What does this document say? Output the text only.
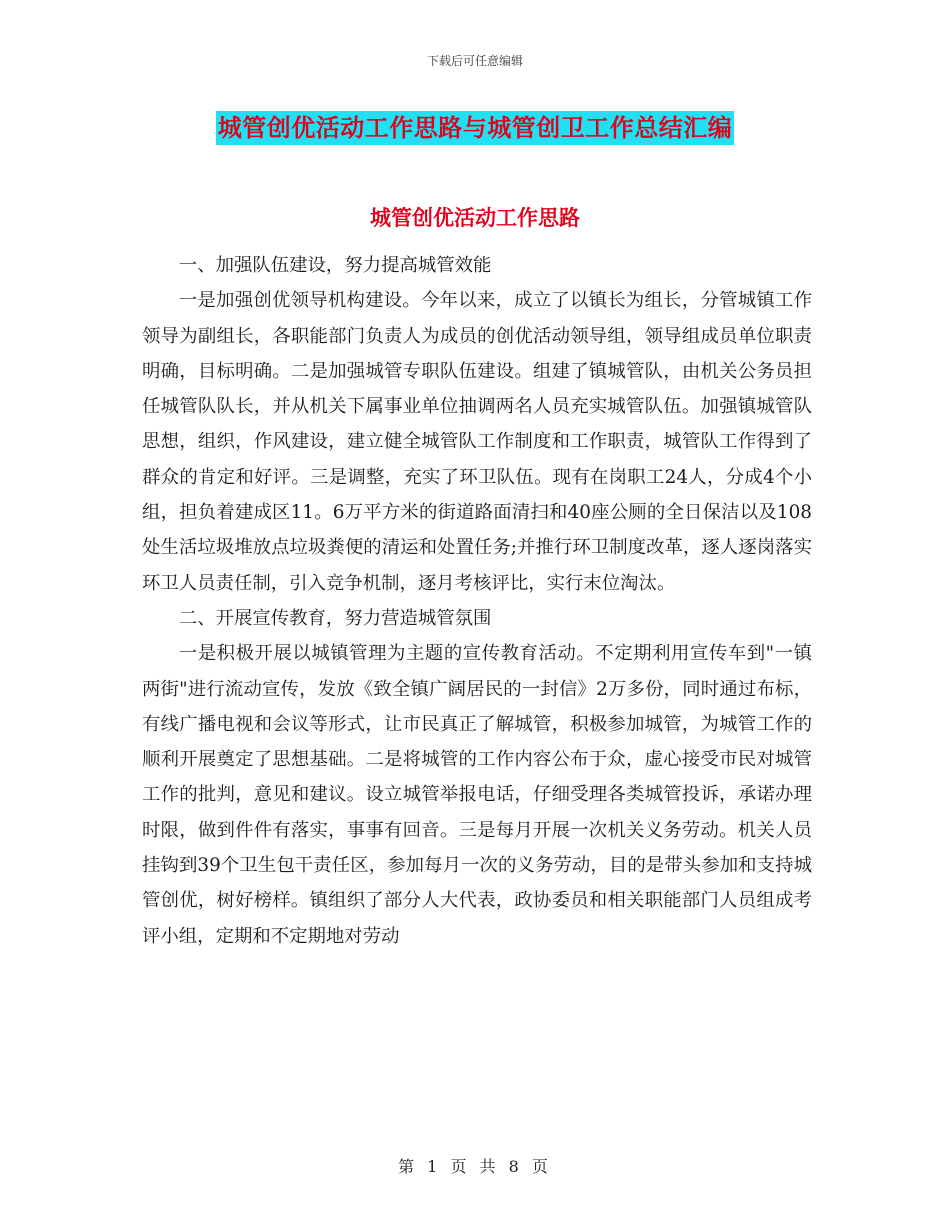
下载后可任意编辑
城管创优活动工作思路与城管创卫工作总结汇编
城管创优活动工作思路

一、加强队伍建设，努力提高城管效能

一是加强创优领导机构建设。今年以来，成立了以镇长为组长，分管城镇工作领导为副组长，各职能部门负责人为成员的创优活动领导组，领导组成员单位职责明确，目标明确。二是加强城管专职队伍建设。组建了镇城管队，由机关公务员担任城管队队长，并从机关下属事业单位抽调两名人员充实城管队伍。加强镇城管队思想，组织，作风建设，建立健全城管队工作制度和工作职责，城管队工作得到了群众的肯定和好评。三是调整，充实了环卫队伍。现有在岗职工24人，分成4个小组，担负着建成区11。6万平方米的街道路面清扫和40座公厕的全日保洁以及108处生活垃圾堆放点垃圾粪便的清运和处置任务;并推行环卫制度改革，逐人逐岗落实环卫人员责任制，引入竞争机制，逐月考核评比，实行末位淘汰。

二、开展宣传教育，努力营造城管氛围

一是积极开展以城镇管理为主题的宣传教育活动。不定期利用宣传车到"一镇两街"进行流动宣传，发放《致全镇广阔居民的一封信》2万多份，同时通过布标，有线广播电视和会议等形式，让市民真正了解城管，积极参加城管，为城管工作的顺利开展奠定了思想基础。二是将城管的工作内容公布于众，虚心接受市民对城管工作的批判，意见和建议。设立城管举报电话，仔细受理各类城管投诉，承诺办理时限，做到件件有落实，事事有回音。三是每月开展一次机关义务劳动。机关人员挂钩到39个卫生包干责任区，参加每月一次的义务劳动，目的是带头参加和支持城管创优，树好榜样。镇组织了部分人大代表，政协委员和相关职能部门人员组成考评小组，定期和不定期地对劳动

第 1 页 共 8 页
